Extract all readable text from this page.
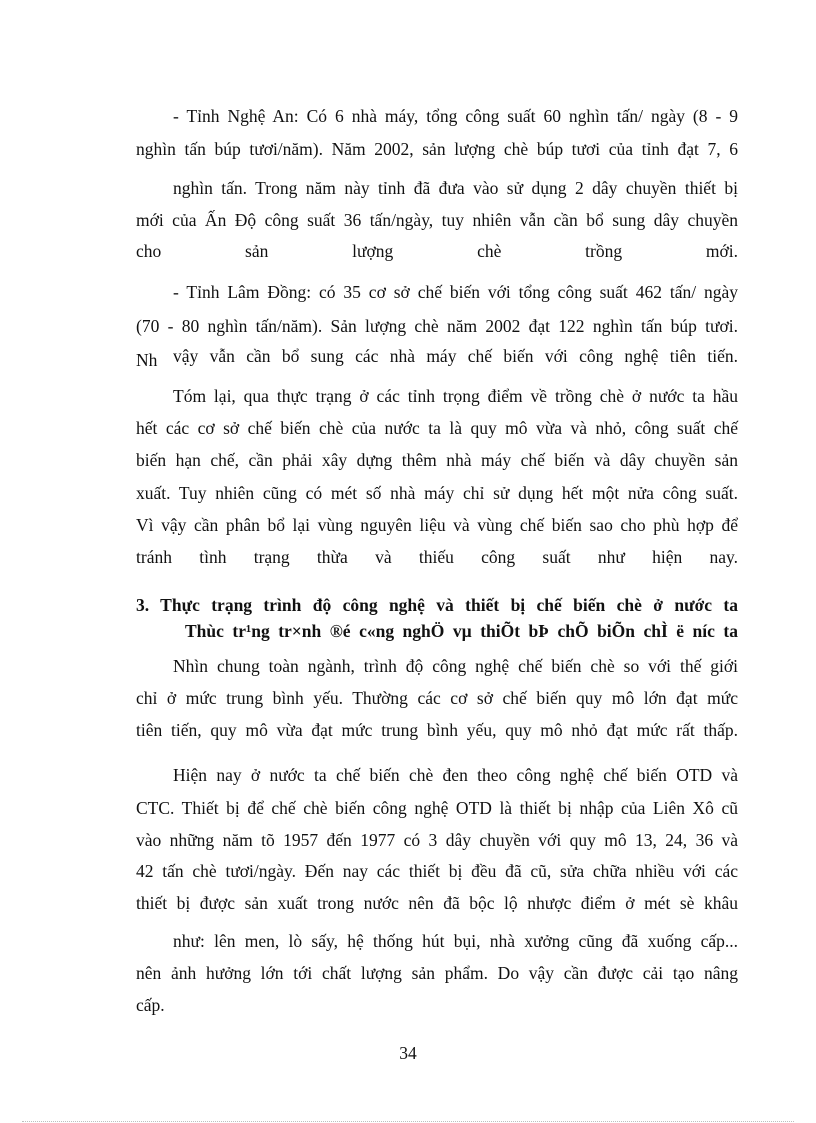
- Tỉnh Nghệ An: Có 6 nhà máy, tổng công suất 60 nghìn tấn/ ngày (8 - 9
nghìn tấn búp tươi/năm). Năm 2002, sản lượng chè búp tươi của tỉnh đạt 7, 6
nghìn tấn. Trong năm này tỉnh đã đưa vào sử dụng 2 dây chuyền thiết bị
mới của Ấn Độ công suất 36 tấn/ngày, tuy nhiên vẫn cần bổ sung dây chuyền
cho sản lượng chè trồng mới.
- Tỉnh Lâm Đồng: có 35 cơ sở chế biến với tổng công suất 462 tấn/ ngày
(70 - 80 nghìn tấn/năm). Sản lượng chè năm 2002 đạt 122 nghìn tấn búp tươi.
Nh vậy vẫn cần bổ sung các nhà máy chế biến với công nghệ tiên tiến.
Tóm lại, qua thực trạng ở các tỉnh trọng điểm về trồng chè ở nước ta hầu
hết các cơ sở chế biến chè của nước ta là quy mô vừa và nhỏ, công suất chế
biến hạn chế, cần phải xây dựng thêm nhà máy chế biến và dây chuyền sản
xuất. Tuy nhiên cũng có mét số nhà máy chỉ sử dụng hết một nửa công suất.
Vì vậy cần phân bổ lại vùng nguyên liệu và vùng chế biến sao cho phù hợp để
tránh tình trạng thừa và thiếu công suất như hiện nay.
3. Thực trạng trình độ công nghệ và thiết bị chế biến chè ở nước ta
Thùc tr¹ng tr×nh ®é c«ng nghÖ vµ thiÕt bÞ chÕ biÕn chÌ ë níc ta
Nhìn chung toàn ngành, trình độ công nghệ chế biến chè so với thế giới
chỉ ở mức trung bình yếu. Thường các cơ sở chế biến quy mô lớn đạt mức
tiên tiến, quy mô vừa đạt mức trung bình yếu, quy mô nhỏ đạt mức rất thấp.
Hiện nay ở nước ta chế biến chè đen theo công nghệ chế biến OTD và
CTC. Thiết bị để chế chè biến công nghệ OTD là thiết bị nhập của Liên Xô cũ
vào những năm tõ 1957 đến 1977 có 3 dây chuyền với quy mô 13, 24, 36 và
42 tấn chè tươi/ngày. Đến nay các thiết bị đều đã cũ, sửa chữa nhiều với các
thiết bị được sản xuất trong nước nên đã bộc lộ nhược điểm ở mét sè khâu
như: lên men, lò sấy, hệ thống hút bụi, nhà xưởng cũng đã xuống cấp...
nên ảnh hưởng lớn tới chất lượng sản phẩm. Do vậy cần được cải tạo nâng
cấp.
34
